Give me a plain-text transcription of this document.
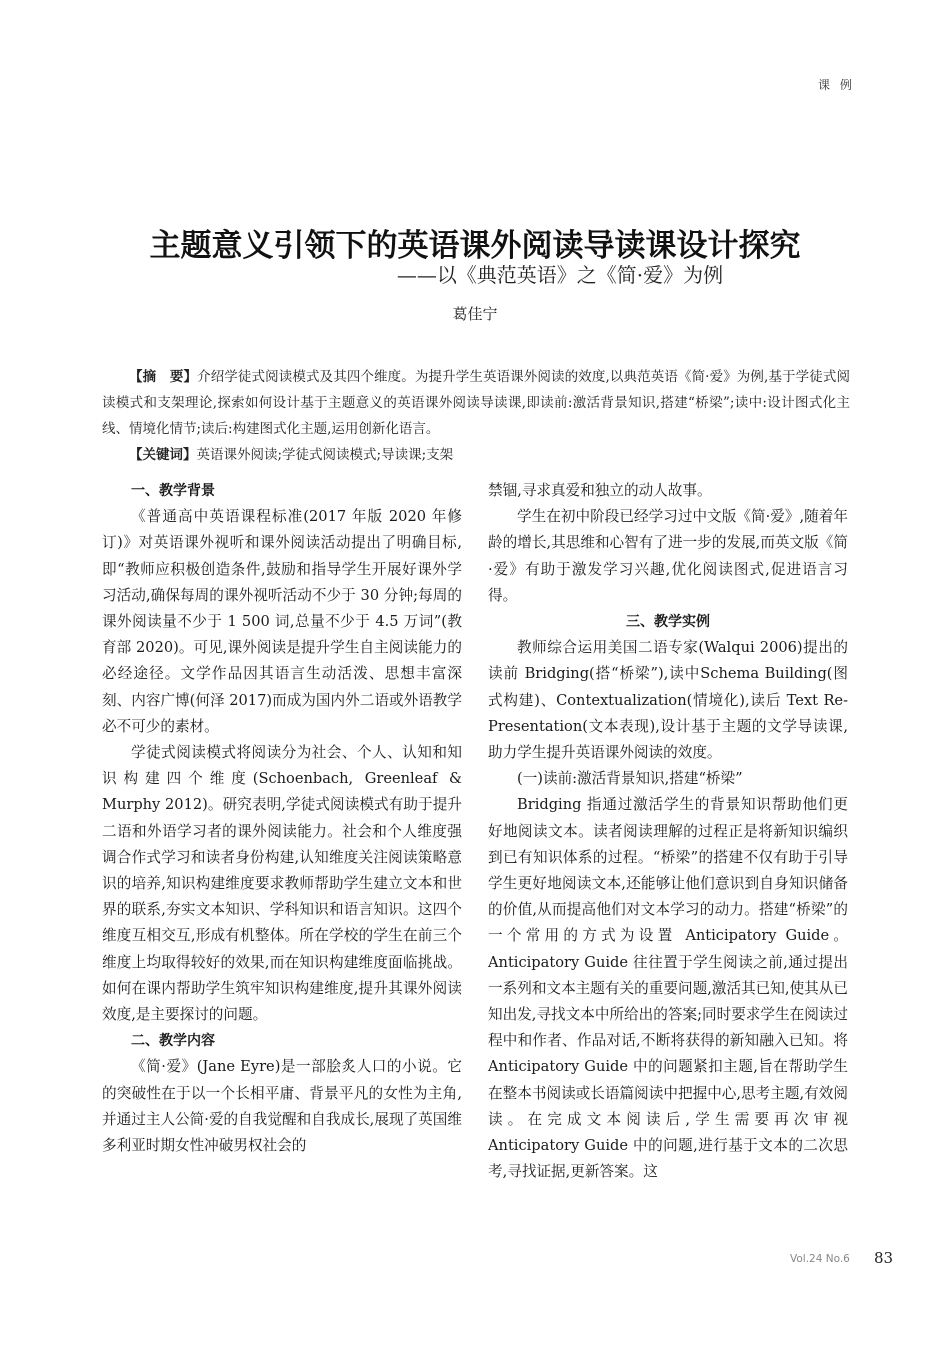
课 例
主题意义引领下的英语课外阅读导读课设计探究
——以《典范英语》之《简·爱》为例
葛佳宁

【摘　要】介绍学徒式阅读模式及其四个维度。为提升学生英语课外阅读的效度,以典范英语《简·爱》为例,基于学徒式阅读模式和支架理论,探索如何设计基于主题意义的英语课外阅读导读课,即读前:激活背景知识,搭建“桥梁”;读中:设计图式化主线、情境化情节;读后:构建图式化主题,运用创新化语言。

【关键词】英语课外阅读;学徒式阅读模式;导读课;支架

一、教学背景

《普通高中英语课程标准(2017 年版 2020 年修订)》对英语课外视听和课外阅读活动提出了明确目标,即“教师应积极创造条件,鼓励和指导学生开展好课外学习活动,确保每周的课外视听活动不少于 30 分钟;每周的课外阅读量不少于 1 500 词,总量不少于 4.5 万词”(教育部 2020)。可见,课外阅读是提升学生自主阅读能力的必经途径。文学作品因其语言生动活泼、思想丰富深刻、内容广博(何泽 2017)而成为国内外二语或外语教学必不可少的素材。

学徒式阅读模式将阅读分为社会、个人、认知和知识构建四个维度(Schoenbach, Greenleaf & Murphy 2012)。研究表明,学徒式阅读模式有助于提升二语和外语学习者的课外阅读能力。社会和个人维度强调合作式学习和读者身份构建,认知维度关注阅读策略意识的培养,知识构建维度要求教师帮助学生建立文本和世界的联系,夯实文本知识、学科知识和语言知识。这四个维度互相交互,形成有机整体。所在学校的学生在前三个维度上均取得较好的效果,而在知识构建维度面临挑战。如何在课内帮助学生筑牢知识构建维度,提升其课外阅读效度,是主要探讨的问题。

二、教学内容

《简·爱》(Jane Eyre)是一部脍炙人口的小说。它的突破性在于以一个长相平庸、背景平凡的女性为主角,并通过主人公简·爱的自我觉醒和自我成长,展现了英国维多利亚时期女性冲破男权社会的

禁锢,寻求真爱和独立的动人故事。

学生在初中阶段已经学习过中文版《简·爱》,随着年龄的增长,其思维和心智有了进一步的发展,而英文版《简·爱》有助于激发学习兴趣,优化阅读图式,促进语言习得。

三、教学实例

教师综合运用美国二语专家(Walqui 2006)提出的读前 Bridging(搭“桥梁”),读中Schema Building(图式构建)、Contextualization(情境化),读后 Text Re-Presentation(文本表现),设计基于主题的文学导读课,助力学生提升英语课外阅读的效度。

(一)读前:激活背景知识,搭建“桥梁”

Bridging 指通过激活学生的背景知识帮助他们更好地阅读文本。读者阅读理解的过程正是将新知识编织到已有知识体系的过程。“桥梁”的搭建不仅有助于引导学生更好地阅读文本,还能够让他们意识到自身知识储备的价值,从而提高他们对文本学习的动力。搭建“桥梁”的一个常用的方式为设置 Anticipatory Guide。Anticipatory Guide 往往置于学生阅读之前,通过提出一系列和文本主题有关的重要问题,激活其已知,使其从已知出发,寻找文本中所给出的答案;同时要求学生在阅读过程中和作者、作品对话,不断将获得的新知融入已知。将 Anticipatory Guide 中的问题紧扣主题,旨在帮助学生在整本书阅读或长语篇阅读中把握中心,思考主题,有效阅读。在完成文本阅读后,学生需要再次审视 Anticipatory Guide 中的问题,进行基于文本的二次思考,寻找证据,更新答案。这

Vol.24 No.6 83
